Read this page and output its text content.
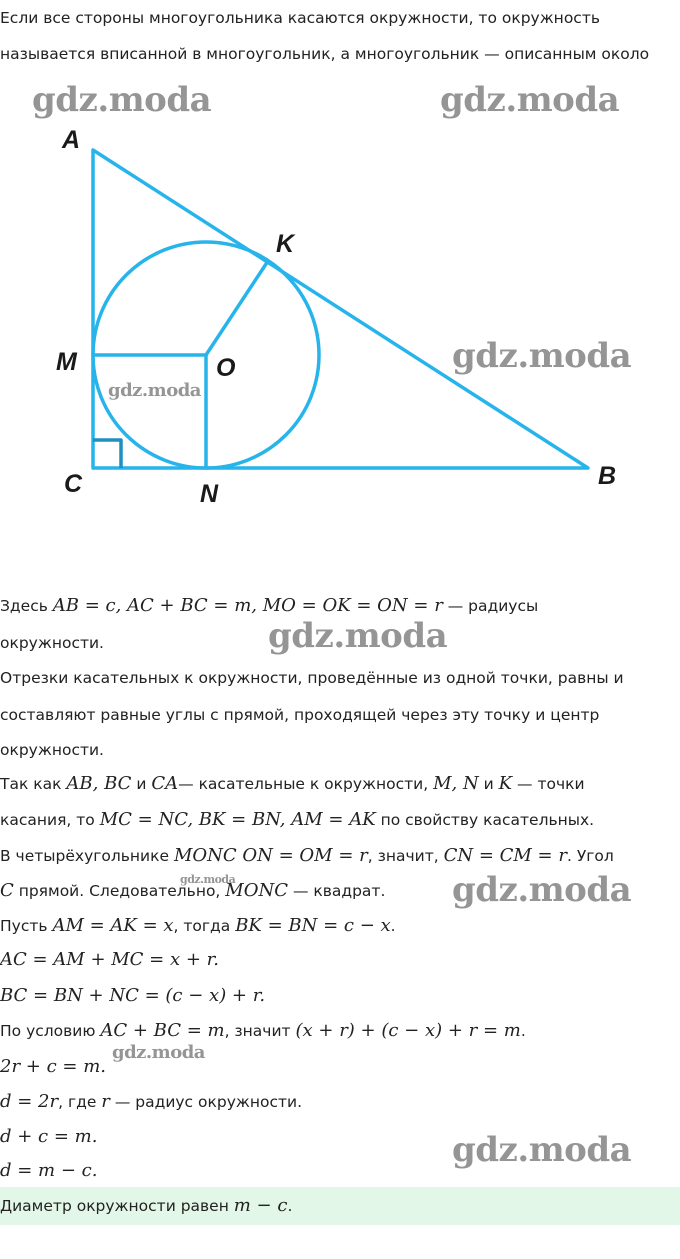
Если все стороны многоугольника касаются окружности, то окружность
называется вписанной в многоугольник, а многоугольник — описанным около
A
K
M	O
C	N
B
gdz.moda	gdz.moda
gdz.moda
gdz.moda
gdz.moda
gdz.moda
gdz.moda
gdz.moda
gdz.moda
Здесь AB = c, AC + BC = m, MO = OK = ON = r — радиусы
окружности.
Отрезки касательных к окружности, проведённые из одной точки, равны и
составляют равные углы с прямой, проходящей через эту точку и центр
окружности.
Так как AB, BC и CA— касательные к окружности, M, N и K — точки
касания, то MC = NC, BK = BN, AM = AK по свойству касательных.
В четырёхугольнике MONC ON = OM = r, значит, CN = CM = r. Угол
C прямой. Следовательно, MONC — квадрат.
Пусть AM = AK = x, тогда BK = BN = c − x.
AC = AM + MC = x + r.
BC = BN + NC = (c − x) + r.
По условию AC + BC = m, значит (x + r) + (c − x) + r = m.
2r + c = m.
d = 2r, где r — радиус окружности.
d + c = m.
d = m − c.
Диаметр окружности равен m − c.
